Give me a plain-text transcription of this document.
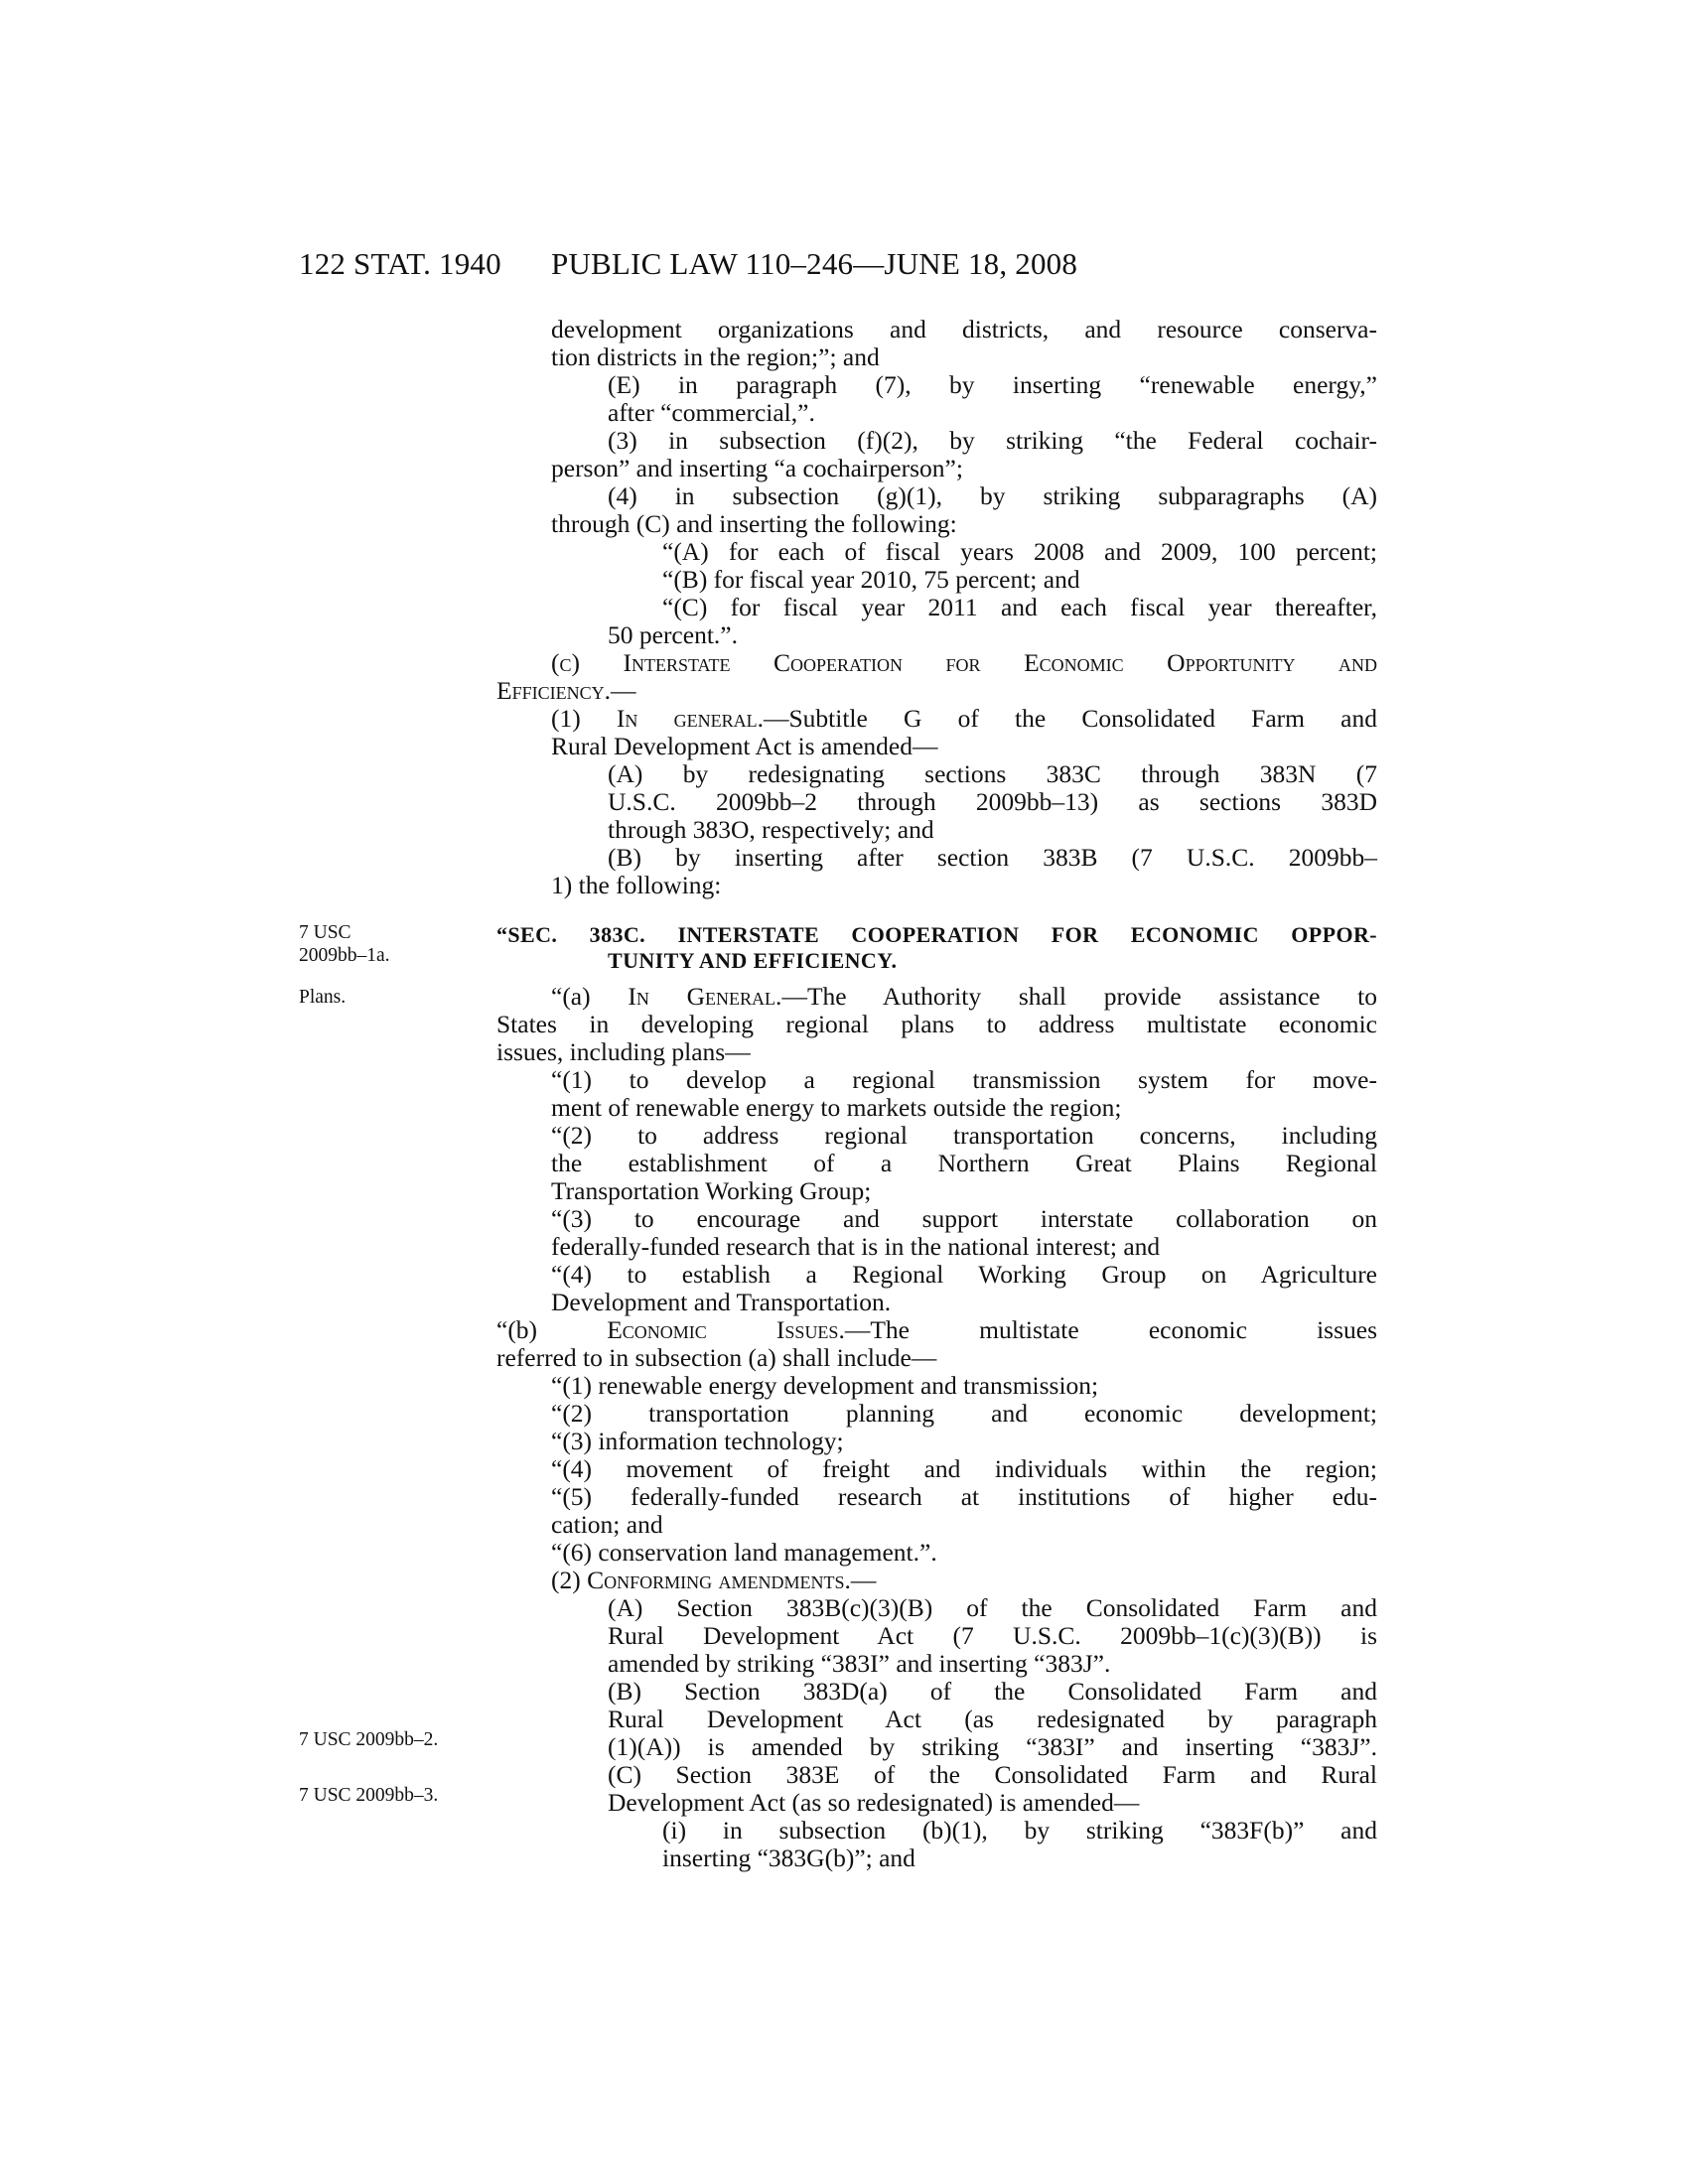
122 STAT. 1940 PUBLIC LAW 110–246—JUNE 18, 2008
7 USC
2009bb–1a.
Plans.
7 USC 2009bb–2.
7 USC 2009bb–3.
development organizations and districts, and resource conserva-
tion districts in the region;”; and
(E) in paragraph (7), by inserting “renewable energy,”
after “commercial,”.
(3) in subsection (f)(2), by striking “the Federal cochair-
person” and inserting “a cochairperson”;
(4) in subsection (g)(1), by striking subparagraphs (A)
through (C) and inserting the following:
“(A) for each of fiscal years 2008 and 2009, 100 percent;
“(B) for fiscal year 2010, 75 percent; and
“(C) for fiscal year 2011 and each fiscal year thereafter,
50 percent.”.
(c) Interstate Cooperation for Economic Opportunity and
Efficiency.—
(1) In general.—Subtitle G of the Consolidated Farm and
Rural Development Act is amended—
(A) by redesignating sections 383C through 383N (7
U.S.C. 2009bb–2 through 2009bb–13) as sections 383D
through 383O, respectively; and
(B) by inserting after section 383B (7 U.S.C. 2009bb–
1) the following:
“SEC. 383C. INTERSTATE COOPERATION FOR ECONOMIC OPPOR-
TUNITY AND EFFICIENCY.
“(a) In General.—The Authority shall provide assistance to
States in developing regional plans to address multistate economic
issues, including plans—
“(1) to develop a regional transmission system for move-
ment of renewable energy to markets outside the region;
“(2) to address regional transportation concerns, including
the establishment of a Northern Great Plains Regional
Transportation Working Group;
“(3) to encourage and support interstate collaboration on
federally-funded research that is in the national interest; and
“(4) to establish a Regional Working Group on Agriculture
Development and Transportation.
“(b) Economic Issues.—The multistate economic issues
referred to in subsection (a) shall include—
“(1) renewable energy development and transmission;
“(2) transportation planning and economic development;
“(3) information technology;
“(4) movement of freight and individuals within the region;
“(5) federally-funded research at institutions of higher edu-
cation; and
“(6) conservation land management.”.
(2) Conforming amendments.—
(A) Section 383B(c)(3)(B) of the Consolidated Farm and
Rural Development Act (7 U.S.C. 2009bb–1(c)(3)(B)) is
amended by striking “383I” and inserting “383J”.
(B) Section 383D(a) of the Consolidated Farm and
Rural Development Act (as redesignated by paragraph
(1)(A)) is amended by striking “383I” and inserting “383J”.
(C) Section 383E of the Consolidated Farm and Rural
Development Act (as so redesignated) is amended—
(i) in subsection (b)(1), by striking “383F(b)” and
inserting “383G(b)”; and
